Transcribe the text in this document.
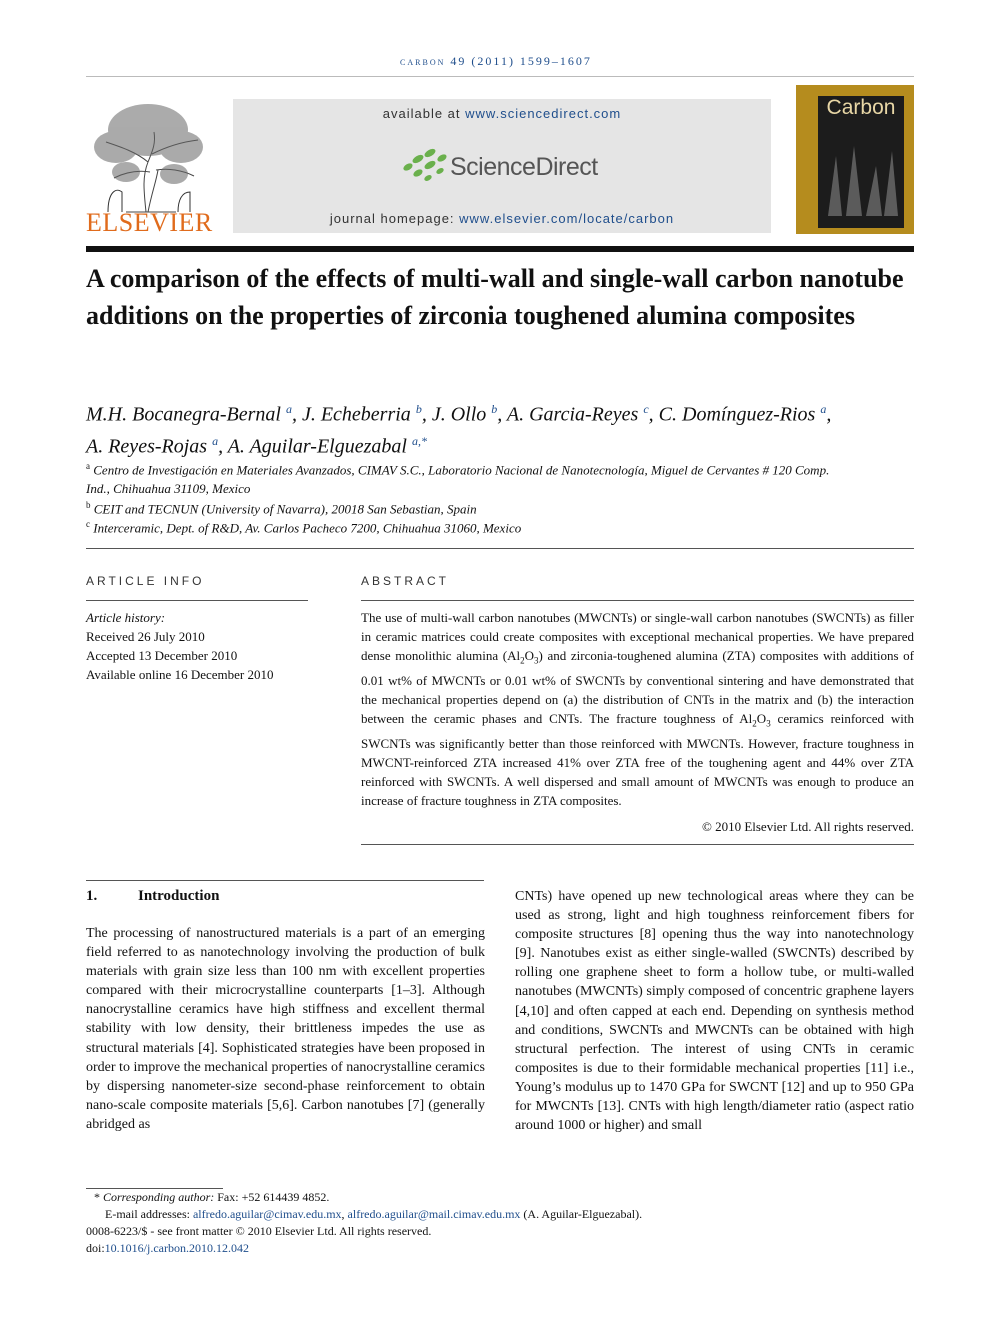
carbon 49 (2011) 1599–1607
ELSEVIER
available at www.sciencedirect.com
ScienceDirect
journal homepage: www.elsevier.com/locate/carbon
Carbon
A comparison of the effects of multi-wall and single-wall carbon nanotube additions on the properties of zirconia toughened alumina composites
M.H. Bocanegra-Bernal $^a$, J. Echeberria $^b$, J. Ollo $^b$, A. Garcia-Reyes $^c$, C. Domínguez-Rios $^a$,
A. Reyes-Rojas $^a$, A. Aguilar-Elguezabal $^{a,*}$
$^a$ Centro de Investigación en Materiales Avanzados, CIMAV S.C., Laboratorio Nacional de Nanotecnología, Miguel de Cervantes # 120 Comp.
Ind., Chihuahua 31109, Mexico
$^b$ CEIT and TECNUN (University of Navarra), 20018 San Sebastian, Spain
$^c$ Interceramic, Dept. of R&D, Av. Carlos Pacheco 7200, Chihuahua 31060, Mexico
ARTICLE INFO
Article history:
Received 26 July 2010
Accepted 13 December 2010
Available online 16 December 2010
ABSTRACT
The use of multi-wall carbon nanotubes (MWCNTs) or single-wall carbon nanotubes (SWCNTs) as filler in ceramic matrices could create composites with exceptional mechanical properties. We have prepared dense monolithic alumina $(Al_2O_3)$ and zirconia-toughened alumina (ZTA) composites with additions of 0.01 wt% of MWCNTs or 0.01 wt% of SWCNTs by conventional sintering and have demonstrated that the mechanical properties depend on (a) the distribution of CNTs in the matrix and (b) the interaction between the ceramic phases and CNTs. The fracture toughness of $Al_2O_3$ ceramics reinforced with SWCNTs was significantly better than those reinforced with MWCNTs. However, fracture toughness in MWCNT-reinforced ZTA increased 41% over ZTA free of the toughening agent and 44% over ZTA reinforced with SWCNTs. A well dispersed and small amount of MWCNTs was enough to produce an increase of fracture toughness in ZTA composites.
© 2010 Elsevier Ltd. All rights reserved.
1.	Introduction
The processing of nanostructured materials is a part of an emerging field referred to as nanotechnology involving the production of bulk materials with grain size less than 100 nm with excellent properties compared with their microcrystalline counterparts [1–3]. Although nanocrystalline ceramics have high stiffness and excellent thermal stability with low density, their brittleness impedes the use as structural materials [4]. Sophisticated strategies have been proposed in order to improve the mechanical properties of nanocrystalline ceramics by dispersing nanometer-size second-phase reinforcement to obtain nano-scale composite materials [5,6]. Carbon nanotubes [7] (generally abridged as
CNTs) have opened up new technological areas where they can be used as strong, light and high toughness reinforcement fibers for composite structures [8] opening thus the way into nanotechnology [9]. Nanotubes exist as either single-walled (SWCNTs) described by rolling one graphene sheet to form a hollow tube, or multi-walled nanotubes (MWCNTs) simply composed of concentric graphene layers [4,10] and often capped at each end. Depending on synthesis method and conditions, SWCNTs and MWCNTs can be obtained with high structural perfection. The interest of using CNTs in ceramic composites is due to their formidable mechanical properties [11] i.e., Young’s modulus up to 1470 GPa for SWCNT [12] and up to 950 GPa for MWCNTs [13]. CNTs with high length/diameter ratio (aspect ratio around 1000 or higher) and small
* Corresponding author: Fax: +52 614439 4852.
E-mail addresses: alfredo.aguilar@cimav.edu.mx, alfredo.aguilar@mail.cimav.edu.mx (A. Aguilar-Elguezabal).
0008-6223/$ - see front matter © 2010 Elsevier Ltd. All rights reserved.
doi:10.1016/j.carbon.2010.12.042
